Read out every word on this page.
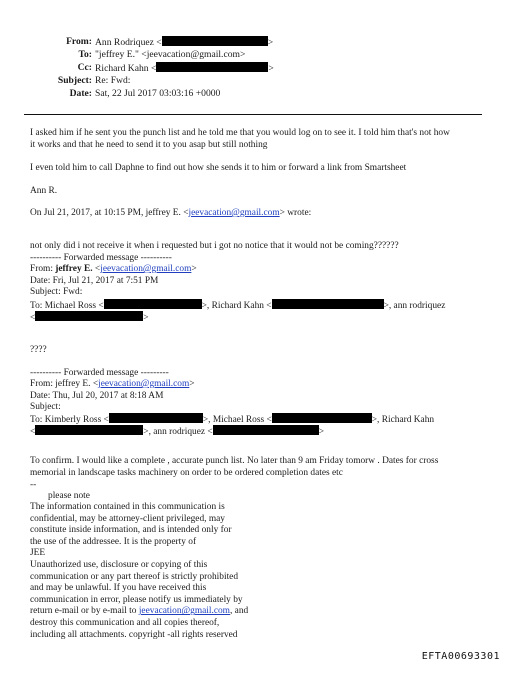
From: Ann Rodriquez <	>
To: "jeffrey E." <jeevacation@gmail.com>
Cc: Richard Kahn <	>
Subject: Re: Fwd:
Date: Sat, 22 Jul 2017 03:03:16 +0000
I asked him if he sent you the punch list and he told me that you would log on to see it. I told him that's not how
it works and that he need to send it to you asap but still nothing
I even told him to call Daphne to find out how she sends it to him or forward a link from Smartsheet
Ann R.
On Jul 21, 2017, at 10:15 PM, jeffrey E. <jeevacation@gmail.com> wrote:
not only did i not receive it when i requested but i got no notice that it would not be coming??????
---------- Forwarded message ----------
From: jeffrey E. <jeevacation@gmail.com>
Date: Fri, Jul 21, 2017 at 7:51 PM
Subject: Fwd:
To: Michael Ross <	>, Richard Kahn <	>, ann rodriquez
<	>
????
---------- Forwarded message ---------
From: jeffrey E. <jeevacation@gmail.com>
Date: Thu, Jul 20, 2017 at 8:18 AM
Subject:
To: Kimberly Ross <	>, Michael Ross <	>, Richard Kahn
<	>, ann rodriquez <	>
To confirm. I would like a complete , accurate punch list. No later than 9 am Friday tomorw . Dates for cross
memorial in landscape tasks machinery on order to be ordered completion dates etc
--
please note
The information contained in this communication is
confidential, may be attorney-client privileged, may
constitute inside information, and is intended only for
the use of the addressee. It is the property of
JEE
Unauthorized use, disclosure or copying of this
communication or any part thereof is strictly prohibited
and may be unlawful. If you have received this
communication in error, please notify us immediately by
return e-mail or by e-mail to jeevacation@gmail.com, and
destroy this communication and all copies thereof,
including all attachments. copyright -all rights reserved
EFTA00693301
